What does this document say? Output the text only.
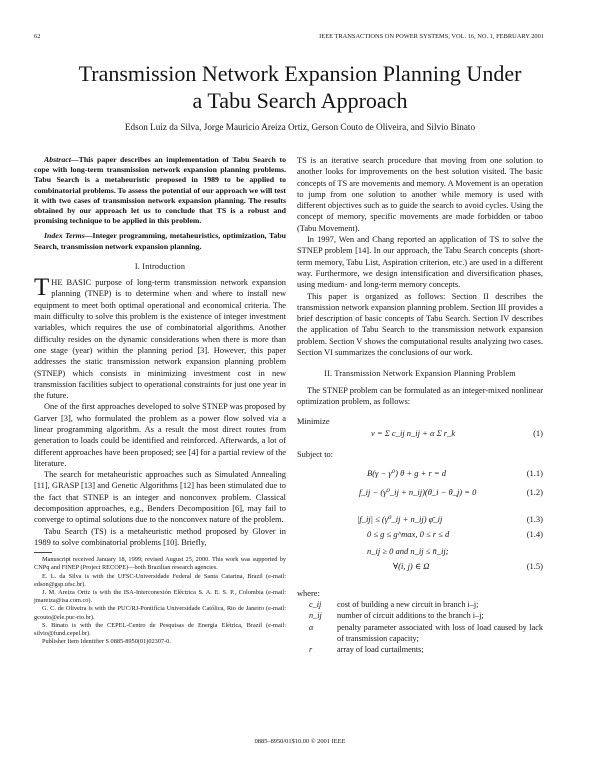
62	IEEE TRANSACTIONS ON POWER SYSTEMS, VOL. 16, NO. 1, FEBRUARY 2001
Transmission Network Expansion Planning Under
a Tabu Search Approach
Edson Luiz da Silva, Jorge Mauricio Areiza Ortiz, Gerson Couto de Oliveira, and Silvio Binato

Abstract—This paper describes an implementation of Tabu Search to cope with long-term transmission network expansion planning problems. Tabu Search is a metaheuristic proposed in 1989 to be applied to combinatorial problems. To assess the potential of our approach we will test it with two cases of transmission network expansion planning. The results obtained by our approach let us to conclude that TS is a robust and promising technique to be applied in this problem.

Index Terms—Integer programming, metaheuristics, optimization, Tabu Search, transmission network expansion planning.

I. Introduction

THE BASIC purpose of long-term transmission network expansion planning (TNEP) is to determine when and where to install new equipment to meet both optimal operational and economical criteria. The main difficulty to solve this problem is the existence of integer investment variables, which requires the use of combinatorial algorithms. Another difficulty resides on the dynamic considerations when there is more than one stage (year) within the planning period [3]. However, this paper addresses the static transmission network expansion planning problem (STNEP) which consists in minimizing investment cost in new transmission facilities subject to operational constraints for just one year in the future.

One of the first approaches developed to solve STNEP was proposed by Garver [3], who formulated the problem as a power flow solved via a linear programming algorithm. As a result the most direct routes from generation to loads could be identified and reinforced. Afterwards, a lot of different approaches have been proposed; see [4] for a partial review of the literature.

The search for metaheuristic approaches such as Simulated Annealing [11], GRASP [13] and Genetic Algorithms [12] has been stimulated due to the fact that STNEP is an integer and nonconvex problem. Classical decomposition approaches, e.g., Benders Decomposition [6], may fail to converge to optimal solutions due to the nonconvex nature of the problem.

Tabu Search (TS) is a metaheuristic method proposed by Glover in 1989 to solve combinatorial problems [10]. Briefly,

Manuscript received January 18, 1999; revised August 25, 2000. This work was supported by CNPq and FINEP (Project RECOPE)—both Brazilian research agencies.

E. L. da Silva is with the UFSC-Universidade Federal de Santa Catarina, Brazil (e-mail: edson@gsp.ufsc.br).

J. M. Areiza Ortiz is with the ISA-Interconexión Eléctrica S. A. E. S. P., Colombia (e-mail: jmareiza@isa.com.co).

G. C. de Oliveira is with the PUC/RJ-Pontifícia Universidade Católica, Rio de Janeiro (e-mail: gcouto@ele.puc-rio.br).

S. Binato is with the CEPEL-Centro de Pesquisas de Energia Elétrica, Brazil (e-mail: silvio@fund.cepel.br).

Publisher Item Identifier S 0885-8950(01)02307-0.

TS is an iterative search procedure that moving from one solution to another looks for improvements on the best solution visited. The basic concepts of TS are movements and memory. A Movement is an operation to jump from one solution to another while memory is used with different objectives such as to guide the search to avoid cycles. Using the concept of memory, specific movements are made forbidden or taboo (Tabu Movement).

In 1997, Wen and Chang reported an application of TS to solve the STNEP problem [14]. In our approach, the Tabu Search concepts (short-term memory, Tabu List, Aspiration criterion, etc.) are used in a different way. Furthermore, we design intensification and diversification phases, using medium- and long-term memory concepts.

This paper is organized as follows: Section II describes the transmission network expansion planning problem. Section III provides a brief description of basic concepts of Tabu Search. Section IV describes the application of Tabu Search to the transmission network expansion problem. Section V shows the computational results analyzing two cases. Section VI summarizes the conclusions of our work.

II. Transmission Network Expansion Planning Problem

The STNEP problem can be formulated as an integer-mixed nonlinear optimization problem, as follows:

Minimize

v = Σ c_ij n_ij + α Σ r_k	(1)

Subject to:

B(γ − γ⁰) θ + g + r = d	(1.1)
f_ij − (γ⁰_ij + n_ij)(θ_i − θ_j) = 0	(1.2)
|f_ij| ≤ (γ⁰_ij + n_ij) φ̄_ij	(1.3)
0 ≤ g ≤ g^max, 0 ≤ r ≤ d	(1.4)
n_ij ≥ 0 and n_ij ≤ n̄_ij;
∀(i, j) ∈ Ω	(1.5)

where:

c_ij cost of building a new circuit in branch i–j;
n_ij number of circuit additions to the branch i–j;
α	penalty parameter associated with loss of load caused by lack of transmission capacity;
r	array of load curtailments;
0885–8950/01$10.00 © 2001 IEEE
